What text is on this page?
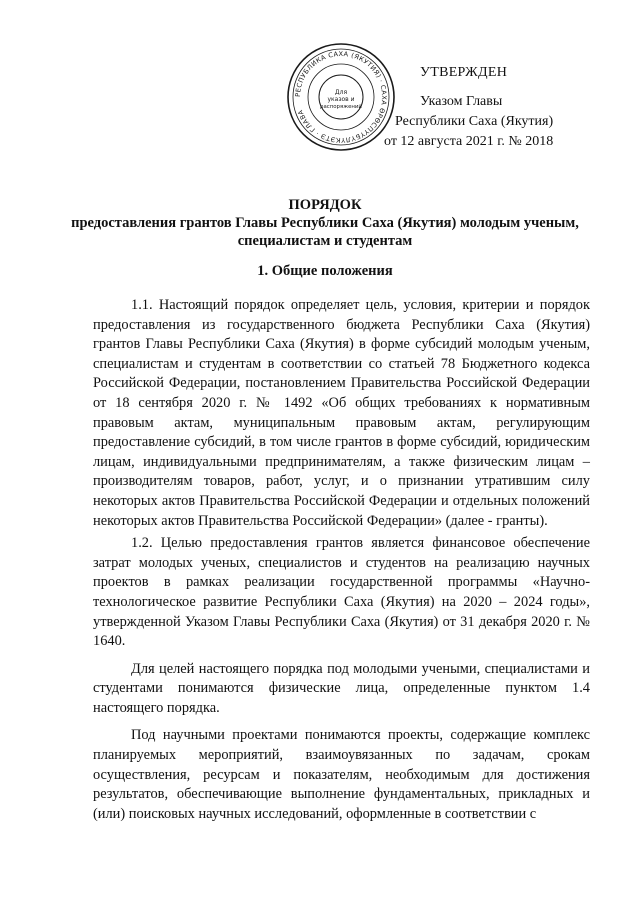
РЕСПУБЛИКА САХА (ЯКУТИЯ) · САХА ӨРӨСПҮҮБҮЛҮКЭТЭ · ГЛАВА
Для
указов и
распоряжений
УТВЕРЖДЕН
Указом Главы
Республики Саха (Якутия)
от 12 августа 2021 г. № 2018
ПОРЯДОК
предоставления грантов Главы Республики Саха (Якутия) молодым ученым, специалистам и студентам
1. Общие положения

1.1. Настоящий порядок определяет цель, условия, критерии и порядок предоставления из государственного бюджета Республики Саха (Якутия) грантов Главы Республики Саха (Якутия) в форме субсидий молодым ученым, специалистам и студентам в соответствии со статьей 78 Бюджетного кодекса Российской Федерации, постановлением Правительства Российской Федерации от 18 сентября 2020 г. № 1492 «Об общих требованиях к нормативным правовым актам, муниципальным правовым актам, регулирующим предоставление субсидий, в том числе грантов в форме субсидий, юридическим лицам, индивидуальными предпринимателям, а также физическим лицам – производителям товаров, работ, услуг, и о признании утратившим силу некоторых актов Правительства Российской Федерации и отдельных положений некоторых актов Правительства Российской Федерации» (далее - гранты).

1.2. Целью предоставления грантов является финансовое обеспечение затрат молодых ученых, специалистов и студентов на реализацию научных проектов в рамках реализации государственной программы «Научно-технологическое развитие Республики Саха (Якутия) на 2020 – 2024 годы», утвержденной Указом Главы Республики Саха (Якутия) от 31 декабря 2020 г. № 1640.

Для целей настоящего порядка под молодыми учеными, специалистами и студентами понимаются физические лица, определенные пунктом 1.4 настоящего порядка.

Под научными проектами понимаются проекты, содержащие комплекс планируемых мероприятий, взаимоувязанных по задачам, срокам осуществления, ресурсам и показателям, необходимым для достижения результатов, обеспечивающие выполнение фундаментальных, прикладных и (или) поисковых научных исследований, оформленные в соответствии с
